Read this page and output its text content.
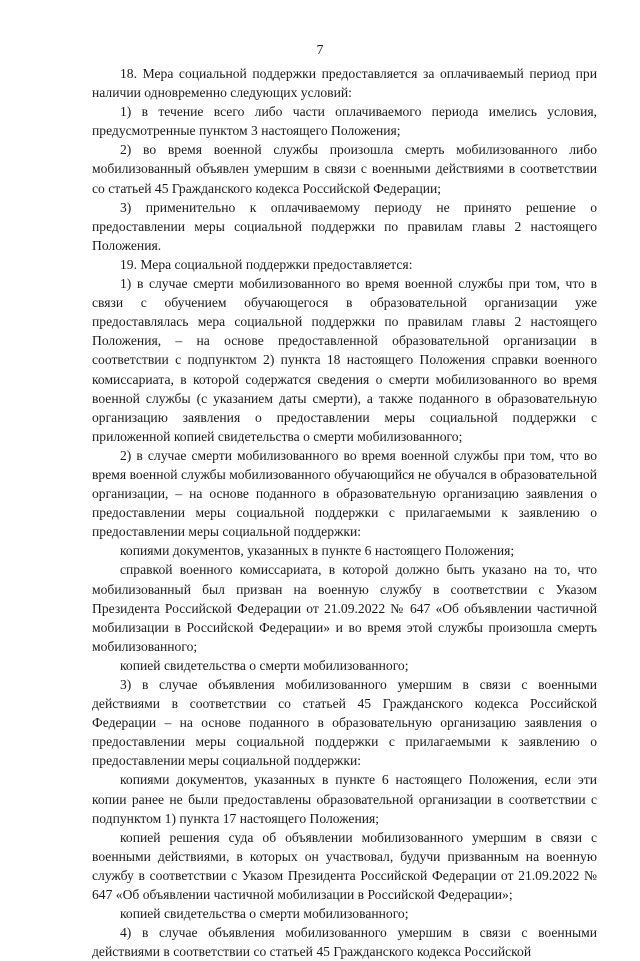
7

18. Мера социальной поддержки предоставляется за оплачиваемый период при наличии одновременно следующих условий:

1) в течение всего либо части оплачиваемого периода имелись условия, предусмотренные пунктом 3 настоящего Положения;

2) во время военной службы произошла смерть мобилизованного либо мобилизованный объявлен умершим в связи с военными действиями в соответствии со статьей 45 Гражданского кодекса Российской Федерации;

3) применительно к оплачиваемому периоду не принято решение о предоставлении меры социальной поддержки по правилам главы 2 настоящего Положения.

19. Мера социальной поддержки предоставляется:

1) в случае смерти мобилизованного во время военной службы при том, что в связи с обучением обучающегося в образовательной организации уже предоставлялась мера социальной поддержки по правилам главы 2 настоящего Положения, – на основе предоставленной образовательной организации в соответствии с подпунктом 2) пункта 18 настоящего Положения справки военного комиссариата, в которой содержатся сведения о смерти мобилизованного во время военной службы (с указанием даты смерти), а также поданного в образовательную организацию заявления о предоставлении меры социальной поддержки с приложенной копией свидетельства о смерти мобилизованного;

2) в случае смерти мобилизованного во время военной службы при том, что во время военной службы мобилизованного обучающийся не обучался в образовательной организации, – на основе поданного в образовательную организацию заявления о предоставлении меры социальной поддержки с прилагаемыми к заявлению о предоставлении меры социальной поддержки:

копиями документов, указанных в пункте 6 настоящего Положения;

справкой военного комиссариата, в которой должно быть указано на то, что мобилизованный был призван на военную службу в соответствии с Указом Президента Российской Федерации от 21.09.2022 № 647 «Об объявлении частичной мобилизации в Российской Федерации» и во время этой службы произошла смерть мобилизованного;

копией свидетельства о смерти мобилизованного;

3) в случае объявления мобилизованного умершим в связи с военными действиями в соответствии со статьей 45 Гражданского кодекса Российской Федерации – на основе поданного в образовательную организацию заявления о предоставлении меры социальной поддержки с прилагаемыми к заявлению о предоставлении меры социальной поддержки:

копиями документов, указанных в пункте 6 настоящего Положения, если эти копии ранее не были предоставлены образовательной организации в соответствии с подпунктом 1) пункта 17 настоящего Положения;

копией решения суда об объявлении мобилизованного умершим в связи с военными действиями, в которых он участвовал, будучи призванным на военную службу в соответствии с Указом Президента Российской Федерации от 21.09.2022 № 647 «Об объявлении частичной мобилизации в Российской Федерации»;

копией свидетельства о смерти мобилизованного;

4) в случае объявления мобилизованного умершим в связи с военными действиями в соответствии со статьей 45 Гражданского кодекса Российской
